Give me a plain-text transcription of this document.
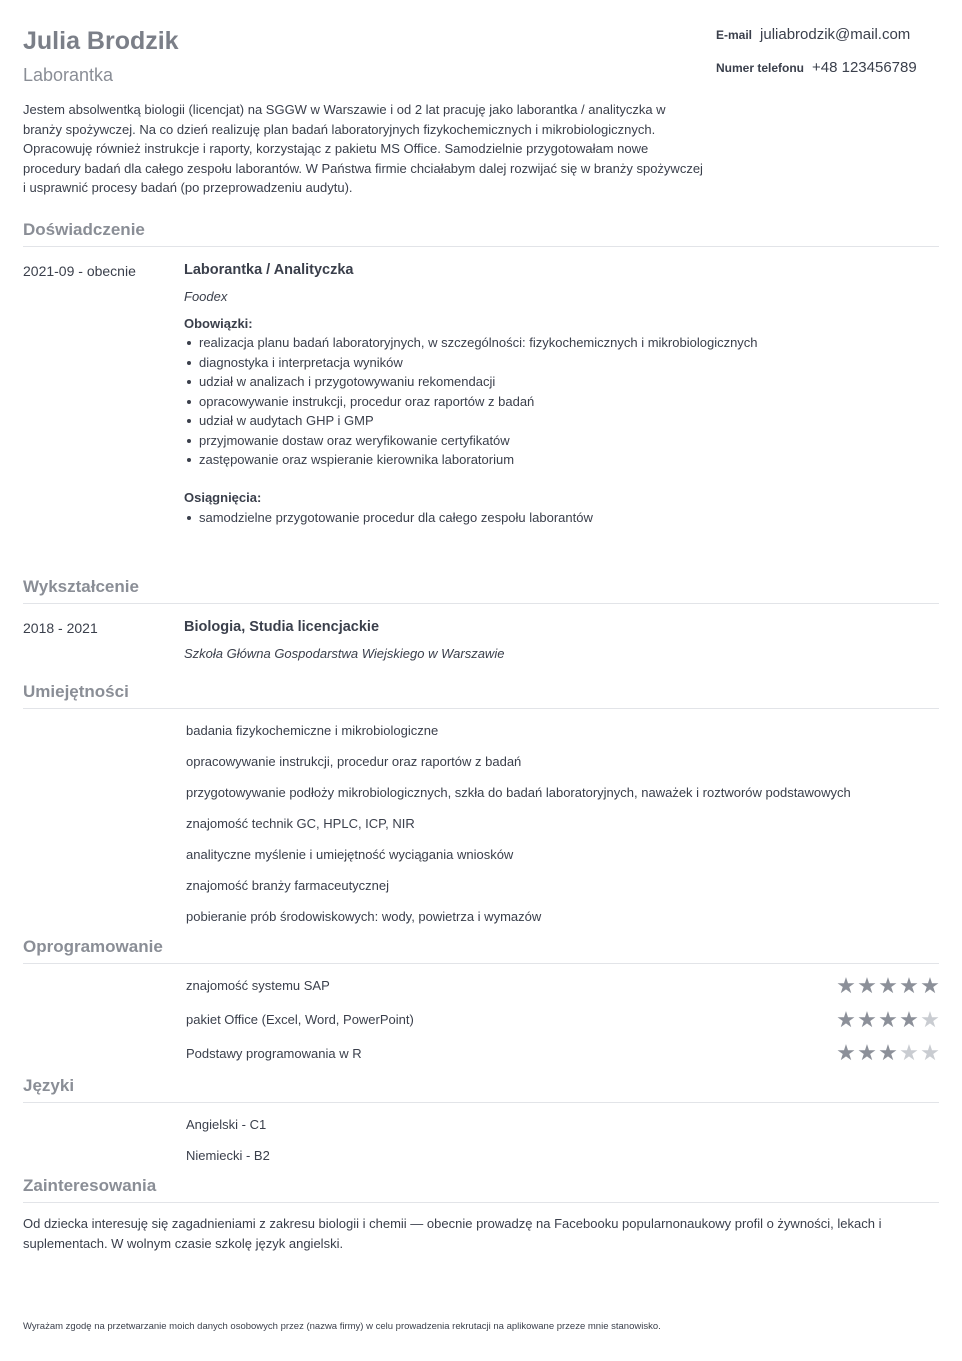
Julia Brodzik
Laborantka
E-mail juliabrodzik@mail.com
Numer telefonu +48 123456789

Jestem absolwentką biologii (licencjat) na SGGW w Warszawie i od 2 lat pracuję jako laborantka / analityczka w branży spożywczej. Na co dzień realizuję plan badań laboratoryjnych fizykochemicznych i mikrobiologicznych. Opracowuję również instrukcje i raporty, korzystając z pakietu MS Office. Samodzielnie przygotowałam nowe procedury badań dla całego zespołu laborantów. W Państwa firmie chciałabym dalej rozwijać się w branży spożywczej i usprawnić procesy badań (po przeprowadzeniu audytu).

Doświadczenie
2021-09 - obecnie	Laborantka / Analityczka
Foodex
Obowiązki:
realizacja planu badań laboratoryjnych, w szczególności: fizykochemicznych i mikrobiologicznych
diagnostyka i interpretacja wyników
udział w analizach i przygotowywaniu rekomendacji
opracowywanie instrukcji, procedur oraz raportów z badań
udział w audytach GHP i GMP
przyjmowanie dostaw oraz weryfikowanie certyfikatów
zastępowanie oraz wspieranie kierownika laboratorium
Osiągnięcia:
samodzielne przygotowanie procedur dla całego zespołu laborantów
Wykształcenie
2018 - 2021	Biologia, Studia licencjackie
Szkoła Główna Gospodarstwa Wiejskiego w Warszawie
Umiejętności
badania fizykochemiczne i mikrobiologiczne
opracowywanie instrukcji, procedur oraz raportów z badań
przygotowywanie podłoży mikrobiologicznych, szkła do badań laboratoryjnych, naważek i roztworów podstawowych
znajomość technik GC, HPLC, ICP, NIR
analityczne myślenie i umiejętność wyciągania wniosków
znajomość branży farmaceutycznej
pobieranie prób środowiskowych: wody, powietrza i wymazów
Oprogramowanie
znajomość systemu SAP	★ ★ ★ ★ ★
pakiet Office (Excel, Word, PowerPoint)	★ ★ ★ ★ ★
Podstawy programowania w R	★ ★ ★ ★ ★
Języki
Angielski - C1
Niemiecki - B2
Zainteresowania

Od dziecka interesuję się zagadnieniami z zakresu biologii i chemii — obecnie prowadzę na Facebooku popularnonaukowy profil o żywności, lekach i suplementach. W wolnym czasie szkolę język angielski.

Wyrażam zgodę na przetwarzanie moich danych osobowych przez (nazwa firmy) w celu prowadzenia rekrutacji na aplikowane przeze mnie stanowisko.
